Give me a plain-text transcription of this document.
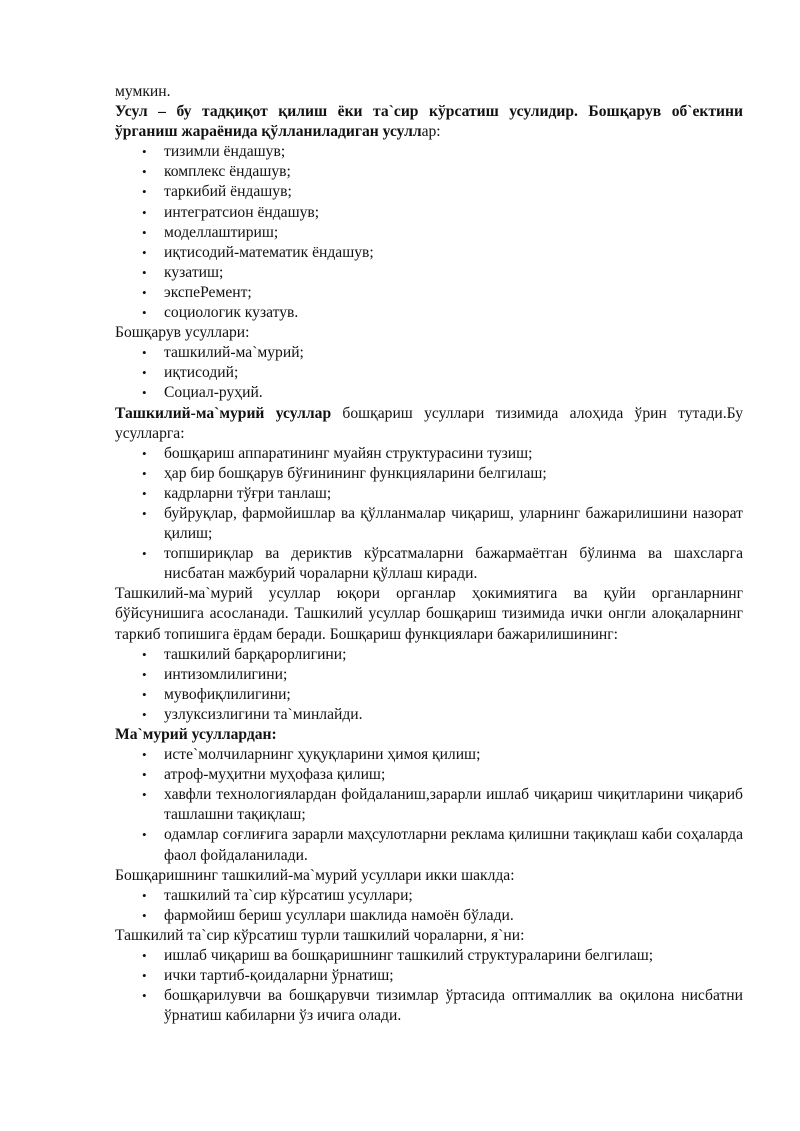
мумкин.

Усул – бу тадқиқот қилиш ёки та`сир кўрсатиш усулидир. Бошқарув об`ектини ўрганиш жараёнида қўлланиладиган усуллар:

•	тизимли ёндашув;
•	комплекс ёндашув;
•	таркибий ёндашув;
•	интегратсион ёндашув;
•	моделлаштириш;
•	иқтисодий-математик ёндашув;
•	кузатиш;
•	экспеРемент;
•	социологик кузатув.

Бошқарув усуллари:

•	ташкилий-ма`мурий;
•	иқтисодий;
•	Социал-руҳий.

Ташкилий-ма`мурий усуллар бошқариш усуллари тизимида алоҳида ўрин тутади.Бу усулларга:

•	бошқариш аппаратининг муайян структурасини тузиш;
•	ҳар бир бошқарув бўғинининг функцияларини белгилаш;
•	кадрларни тўғри танлаш;
•	буйруқлар, фармойишлар ва қўлланмалар чиқариш, уларнинг бажарилишини назорат қилиш;
•	топшириқлар ва дериктив кўрсатмаларни бажармаётган бўлинма ва шахсларга нисбатан мажбурий чораларни қўллаш киради.

Ташкилий-ма`мурий усуллар юқори органлар ҳокимиятига ва қуйи органларнинг бўйсунишига асосланади. Ташкилий усуллар бошқариш тизимида ички онгли алоқаларнинг таркиб топишига ёрдам беради. Бошқариш функциялари бажарилишининг:

•	ташкилий барқарорлигини;
•	интизомлилигини;
•	мувофиқлилигини;
•	узлуксизлигини та`минлайди.

Ма`мурий усуллардан:

•	исте`молчиларнинг ҳуқуқларини ҳимоя қилиш;
•	атроф-муҳитни муҳофаза қилиш;
•	хавфли технологиялардан фойдаланиш,зарарли ишлаб чиқариш чиқитларини чиқариб ташлашни тақиқлаш;
•	одамлар соғлиғига зарарли маҳсулотларни реклама қилишни тақиқлаш каби соҳаларда фаол фойдаланилади.

Бошқаришнинг ташкилий-ма`мурий усуллари икки шаклда:

•	ташкилий та`сир кўрсатиш усуллари;
•	фармойиш бериш усуллари шаклида намоён бўлади.

Ташкилий та`сир кўрсатиш турли ташкилий чораларни, я`ни:

•	ишлаб чиқариш ва бошқаришнинг ташкилий структураларини белгилаш;
•	ички тартиб-қоидаларни ўрнатиш;
•	бошқарилувчи ва бошқарувчи тизимлар ўртасида оптималлик ва оқилона нисбатни ўрнатиш кабиларни ўз ичига олади.
